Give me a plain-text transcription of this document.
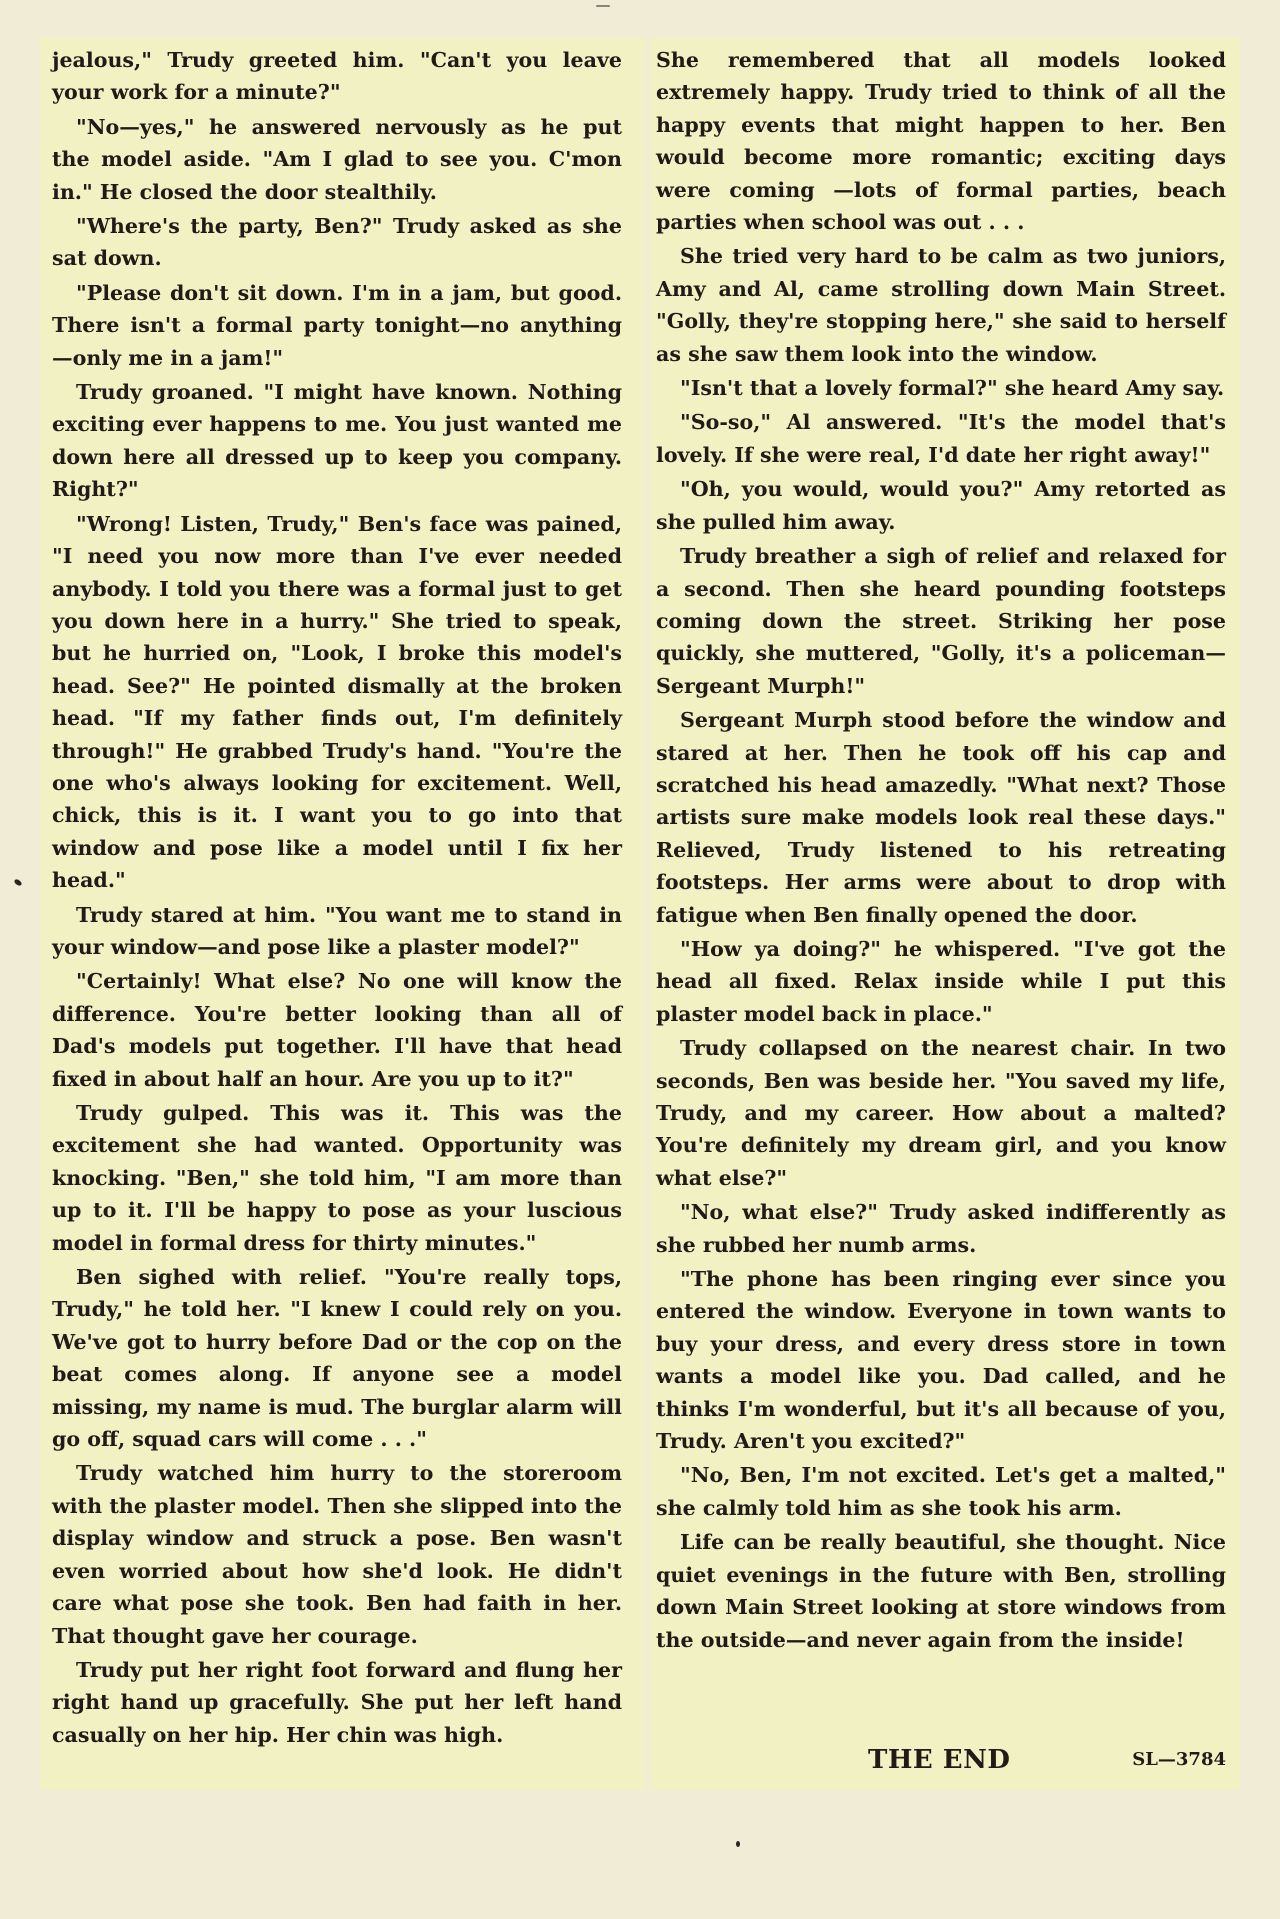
jealous," Trudy greeted him. "Can't you leave your work for a minute?"

"No—yes," he answered nervously as he put the model aside. "Am I glad to see you. C'mon in." He closed the door stealthily.

"Where's the party, Ben?" Trudy asked as she sat down.

"Please don't sit down. I'm in a jam, but good. There isn't a formal party tonight—no anything —only me in a jam!"

Trudy groaned. "I might have known. Nothing exciting ever happens to me. You just wanted me down here all dressed up to keep you company. Right?"

"Wrong! Listen, Trudy," Ben's face was pained, "I need you now more than I've ever needed anybody. I told you there was a formal just to get you down here in a hurry." She tried to speak, but he hurried on, "Look, I broke this model's head. See?" He pointed dismally at the broken head. "If my father finds out, I'm definitely through!" He grabbed Trudy's hand. "You're the one who's always looking for excitement. Well, chick, this is it. I want you to go into that window and pose like a model until I fix her head."

Trudy stared at him. "You want me to stand in your window—and pose like a plaster model?"

"Certainly! What else? No one will know the difference. You're better looking than all of Dad's models put together. I'll have that head fixed in about half an hour. Are you up to it?"

Trudy gulped. This was it. This was the excitement she had wanted. Opportunity was knocking. "Ben," she told him, "I am more than up to it. I'll be happy to pose as your luscious model in formal dress for thirty minutes."

Ben sighed with relief. "You're really tops, Trudy," he told her. "I knew I could rely on you. We've got to hurry before Dad or the cop on the beat comes along. If anyone see a model missing, my name is mud. The burglar alarm will go off, squad cars will come . . ."

Trudy watched him hurry to the storeroom with the plaster model. Then she slipped into the display window and struck a pose. Ben wasn't even worried about how she'd look. He didn't care what pose she took. Ben had faith in her. That thought gave her courage.

Trudy put her right foot forward and flung her right hand up gracefully. She put her left hand casually on her hip. Her chin was high.

She remembered that all models looked extremely happy. Trudy tried to think of all the happy events that might happen to her. Ben would become more romantic; exciting days were coming —lots of formal parties, beach parties when school was out . . .

She tried very hard to be calm as two juniors, Amy and Al, came strolling down Main Street. "Golly, they're stopping here," she said to herself as she saw them look into the window.

"Isn't that a lovely formal?" she heard Amy say.

"So-so," Al answered. "It's the model that's lovely. If she were real, I'd date her right away!"

"Oh, you would, would you?" Amy retorted as she pulled him away.

Trudy breather a sigh of relief and relaxed for a second. Then she heard pounding footsteps coming down the street. Striking her pose quickly, she muttered, "Golly, it's a policeman—Sergeant Murph!"

Sergeant Murph stood before the window and stared at her. Then he took off his cap and scratched his head amazedly. "What next? Those artists sure make models look real these days." Relieved, Trudy listened to his retreating footsteps. Her arms were about to drop with fatigue when Ben finally opened the door.

"How ya doing?" he whispered. "I've got the head all fixed. Relax inside while I put this plaster model back in place."

Trudy collapsed on the nearest chair. In two seconds, Ben was beside her. "You saved my life, Trudy, and my career. How about a malted? You're definitely my dream girl, and you know what else?"

"No, what else?" Trudy asked indifferently as she rubbed her numb arms.

"The phone has been ringing ever since you entered the window. Everyone in town wants to buy your dress, and every dress store in town wants a model like you. Dad called, and he thinks I'm wonderful, but it's all because of you, Trudy. Aren't you excited?"

"No, Ben, I'm not excited. Let's get a malted," she calmly told him as she took his arm.

Life can be really beautiful, she thought. Nice quiet evenings in the future with Ben, strolling down Main Street looking at store windows from the outside—and never again from the inside!

THE END	SL—3784
